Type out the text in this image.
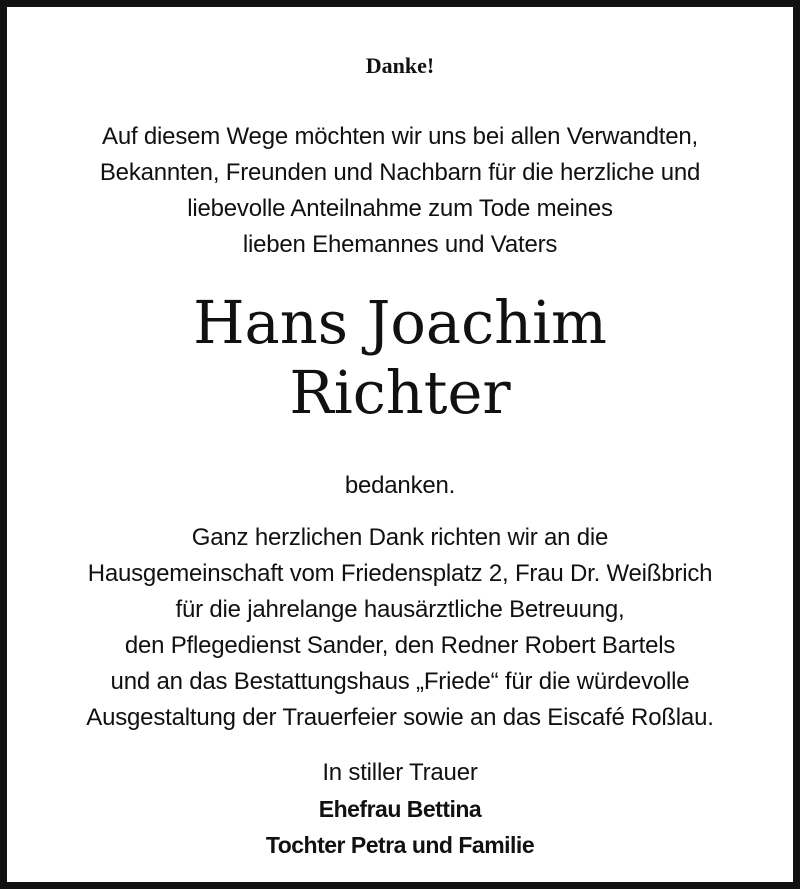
Danke!
Auf diesem Wege möchten wir uns bei allen Verwandten,
Bekannten, Freunden und Nachbarn für die herzliche und
liebevolle Anteilnahme zum Tode meines
lieben Ehemannes und Vaters
Hans Joachim
Richter
bedanken.
Ganz herzlichen Dank richten wir an die
Hausgemeinschaft vom Friedensplatz 2, Frau Dr. Weißbrich
für die jahrelange hausärztliche Betreuung,
den Pflegedienst Sander, den Redner Robert Bartels
und an das Bestattungshaus „Friede“ für die würdevolle
Ausgestaltung der Trauerfeier sowie an das Eiscafé Roßlau.
In stiller Trauer
Ehefrau Bettina
Tochter Petra und Familie
